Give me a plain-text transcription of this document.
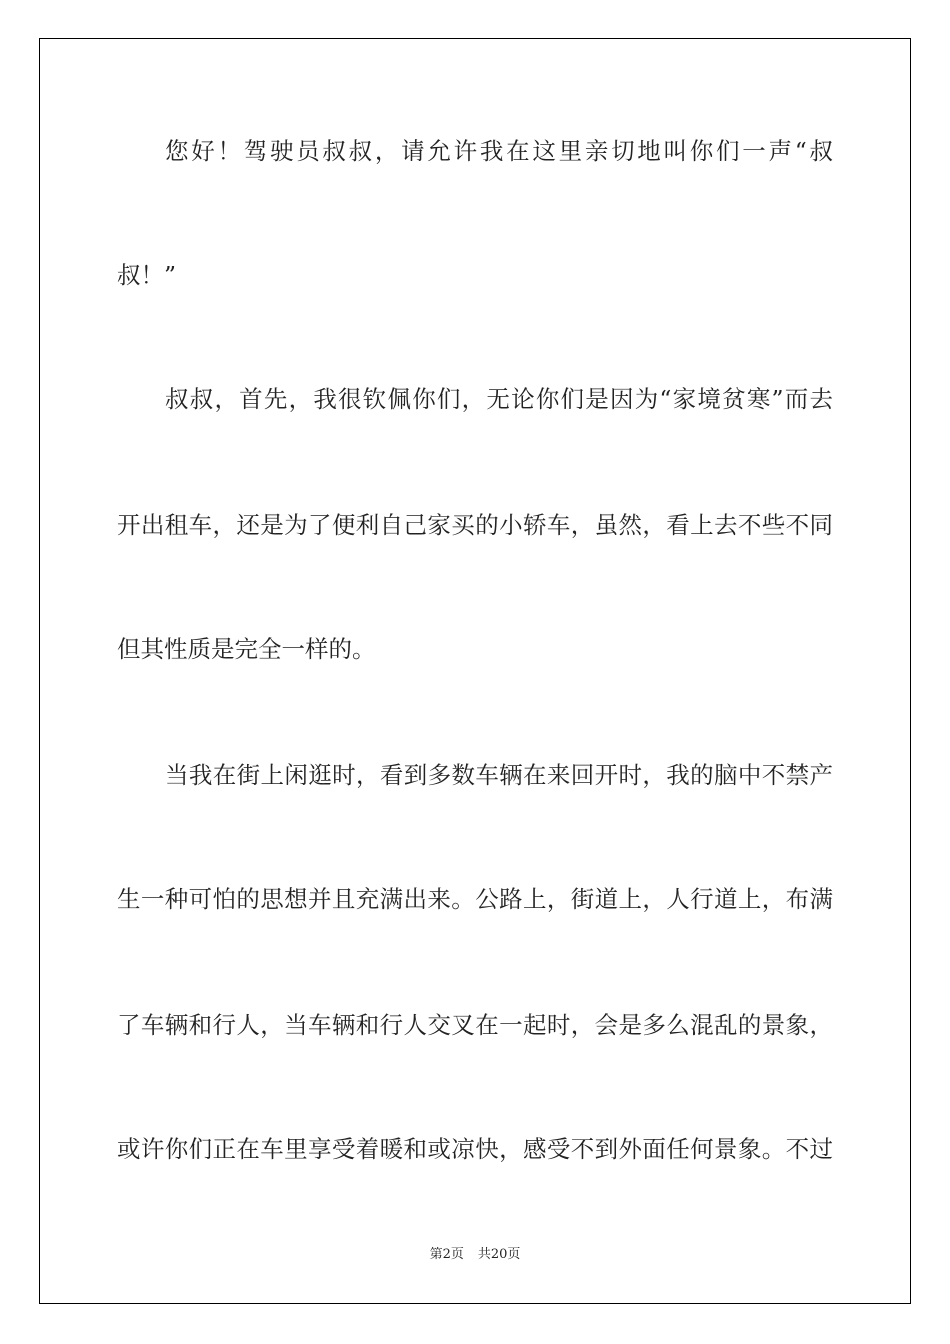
您好！驾驶员叔叔，请允许我在这里亲切地叫你们一声“叔
叔！”
叔叔，首先，我很钦佩你们，无论你们是因为“家境贫寒”而去
开出租车，还是为了便利自己家买的小轿车，虽然，看上去不些不同
但其性质是完全一样的。
当我在街上闲逛时，看到多数车辆在来回开时，我的脑中不禁产
生一种可怕的思想并且充满出来。公路上，街道上，人行道上，布满
了车辆和行人，当车辆和行人交叉在一起时，会是多么混乱的景象，
或许你们正在车里享受着暖和或凉快，感受不到外面任何景象。不过
第2页 共20页
